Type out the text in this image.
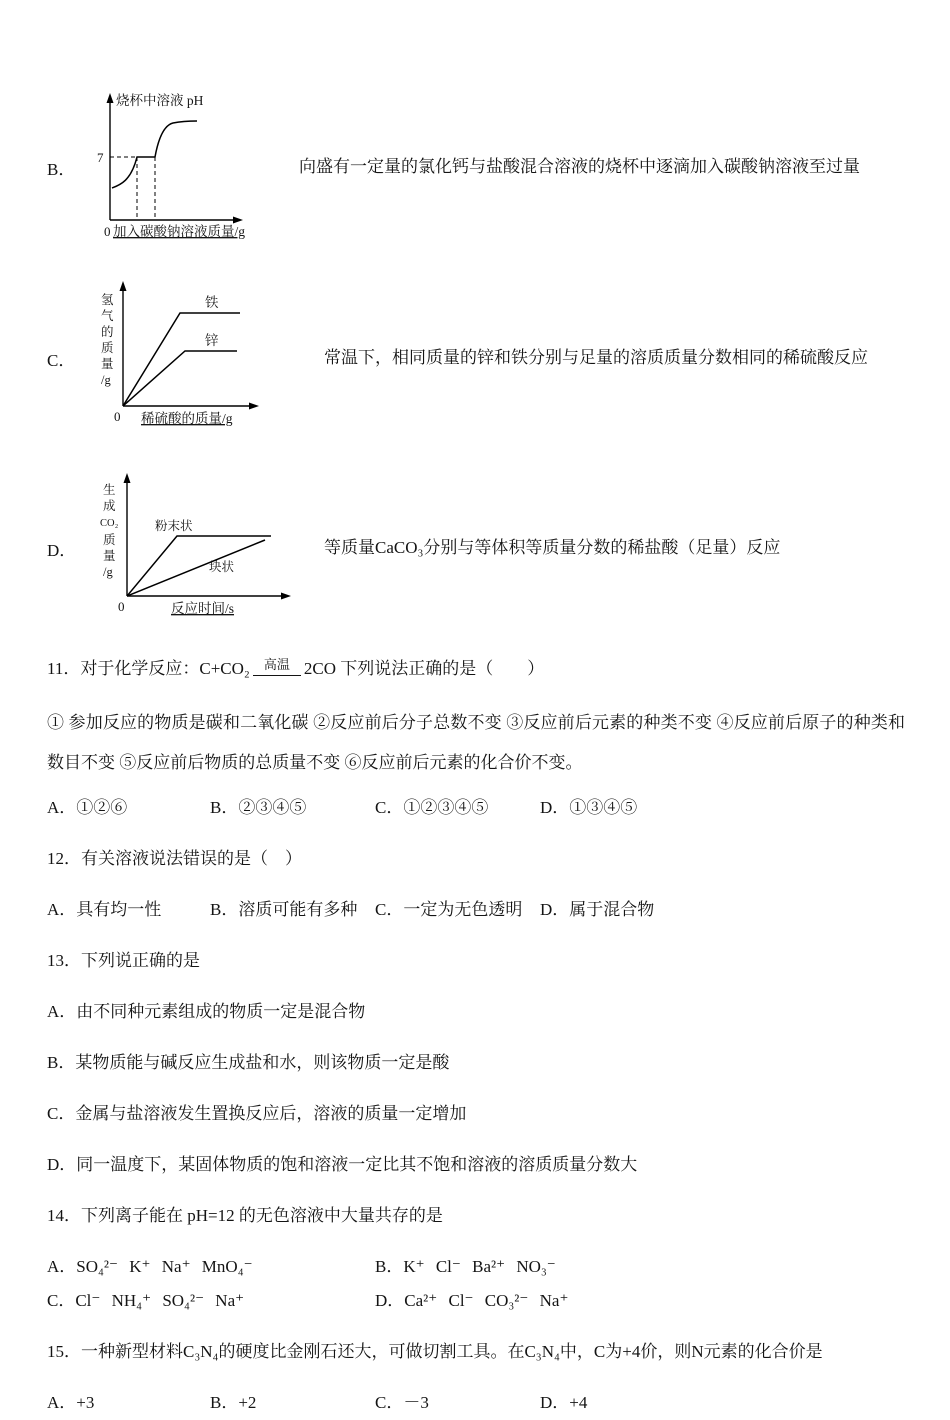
B．
烧杯中溶液 pH
7
0 加入碳酸钠溶液质量/g

向盛有一定量的氯化钙与盐酸混合溶液的烧杯中逐滴加入碳酸钠溶液至过量

C．
氢
气
的
质
量
/g
铁
锌
0 稀硫酸的质量/g

常温下，相同质量的锌和铁分别与足量的溶质质量分数相同的稀硫酸反应

D．
生
成
CO₂
质
量
/g
粉末状
块状
0	反应时间/s

等质量CaCO₃分别与等体积等质量分数的稀盐酸（足量）反应

11．对于化学反应：C+CO₂ 高温 2CO 下列说法正确的是（　　）

① 参加反应的物质是碳和二氧化碳 ②反应前后分子总数不变 ③反应前后元素的种类不变 ④反应前后原子的种类和数目不变 ⑤反应前后物质的总质量不变 ⑥反应前后元素的化合价不变。

A．①②⑥	B．②③④⑤	C．①②③④⑤	D．①③④⑤

12．有关溶液说法错误的是（　）

A．具有均一性	B．溶质可能有多种	C．一定为无色透明	D．属于混合物

13．下列说正确的是

A．由不同种元素组成的物质一定是混合物

B．某物质能与碱反应生成盐和水，则该物质一定是酸

C．金属与盐溶液发生置换反应后，溶液的质量一定增加

D．同一温度下，某固体物质的饱和溶液一定比其不饱和溶液的溶质质量分数大

14．下列离子能在 pH=12 的无色溶液中大量共存的是

A．SO₄²⁻ K⁺ Na⁺ MnO₄⁻	B．K⁺ Cl⁻ Ba²⁺ NO₃⁻
C．Cl⁻ NH₄⁺ SO₄²⁻ Na⁺	D．Ca²⁺ Cl⁻ CO₃²⁻ Na⁺

15．一种新型材料C₃N₄的硬度比金刚石还大，可做切割工具。在C₃N₄中，C为+4价，则N元素的化合价是

A．+3	B．+2	C．－3	D．+4
